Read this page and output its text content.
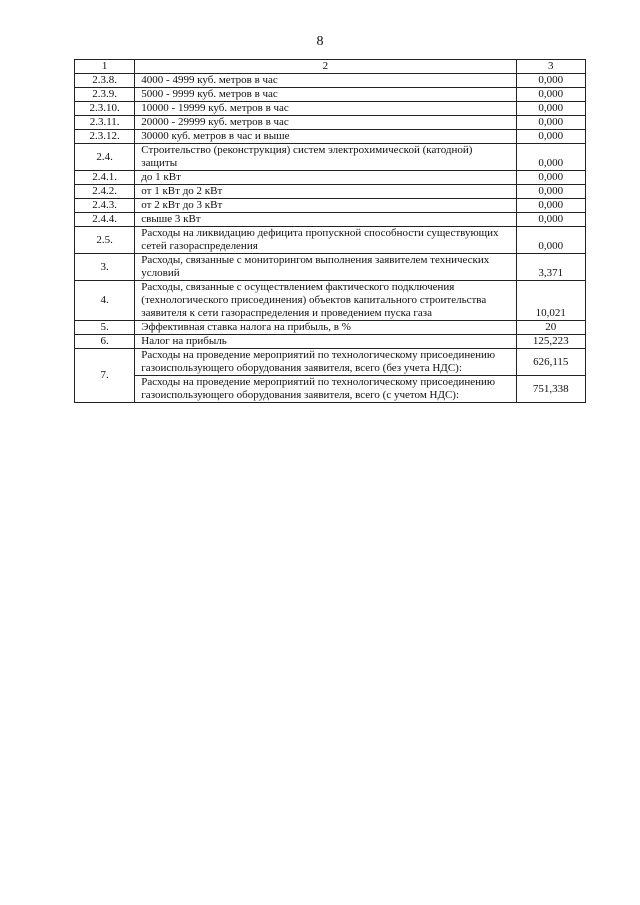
8
1	2	3
2.3.8.	4000 - 4999 куб. метров в час	0,000
2.3.9.	5000 - 9999 куб. метров в час	0,000
2.3.10.	10000 - 19999 куб. метров в час	0,000
2.3.11.	20000 - 29999 куб. метров в час	0,000
2.3.12.	30000 куб. метров в час и выше	0,000
2.4.	Строительство (реконструкция) систем электрохимической (катодной) защиты	0,000
2.4.1.	до 1 кВт	0,000
2.4.2.	от 1 кВт до 2 кВт	0,000
2.4.3.	от 2 кВт до 3 кВт	0,000
2.4.4.	свыше 3 кВт	0,000
2.5.	Расходы на ликвидацию дефицита пропускной способности существующих сетей газораспределения	0,000
3.	Расходы, связанные с мониторингом выполнения заявителем технических условий	3,371
4.	Расходы, связанные с осуществлением фактического подключения (технологического присоединения) объектов капитального строительства заявителя к сети газораспределения и проведением пуска газа	10,021
5.	Эффективная ставка налога на прибыль, в %	20
6.	Налог на прибыль	125,223
7.	Расходы на проведение мероприятий по технологическому присоединению газоиспользующего оборудования заявителя, всего (без учета НДС):	626,115
	Расходы на проведение мероприятий по технологическому присоединению газоиспользующего оборудования заявителя, всего (с учетом НДС):	751,338
